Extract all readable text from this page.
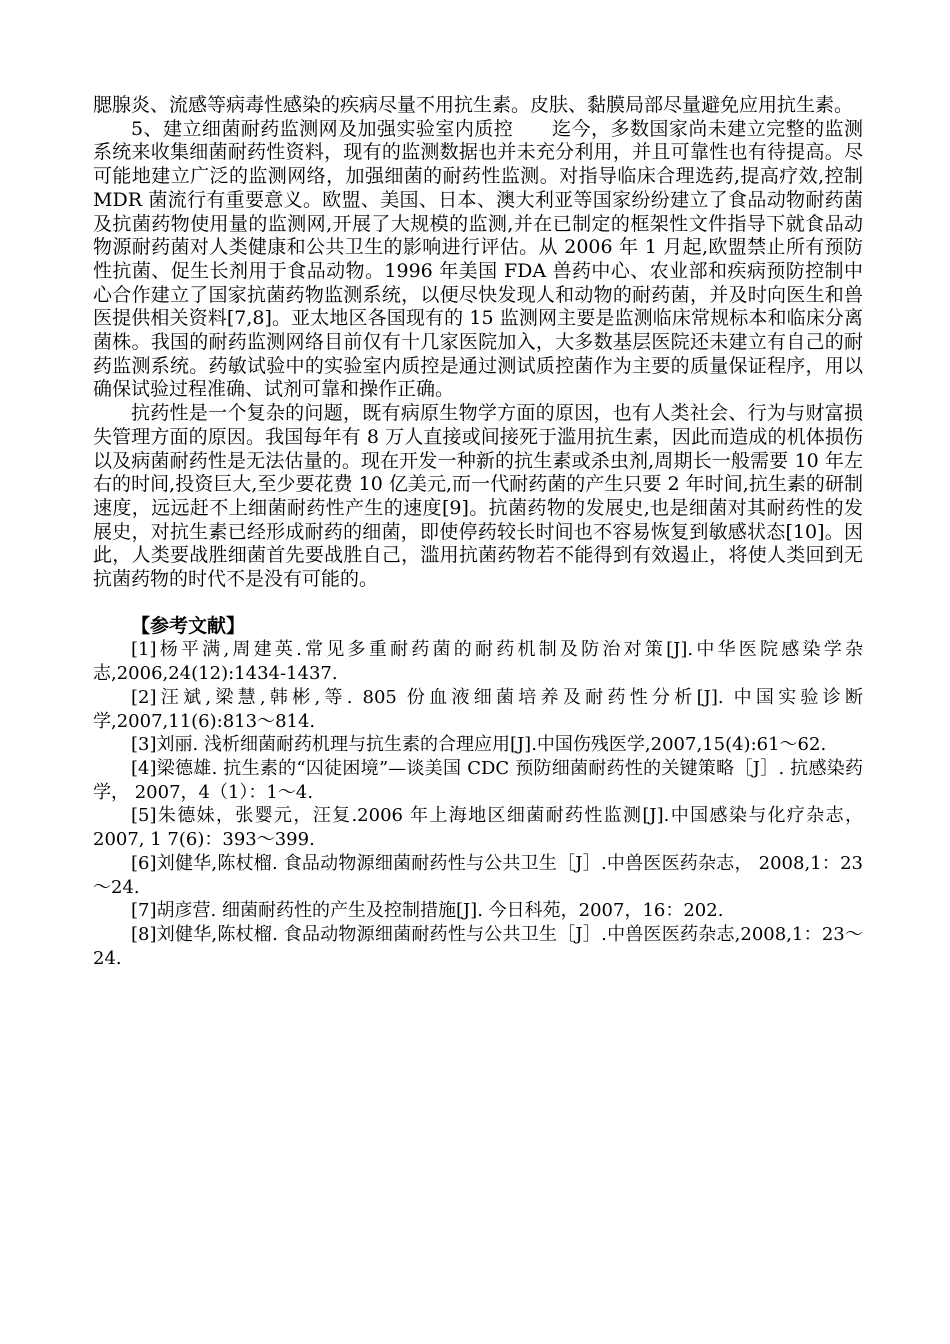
腮腺炎、流感等病毒性感染的疾病尽量不用抗生素。皮肤、黏膜局部尽量避免应用抗生素。

5、建立细菌耐药监测网及加强实验室内质控　　 迄今，多数国家尚未建立完整的监测系统来收集细菌耐药性资料，现有的监测数据也并未充分利用，并且可靠性也有待提高。尽可能地建立广泛的监测网络，加强细菌的耐药性监测。对指导临床合理选药,提高疗效,控制 MDR 菌流行有重要意义。欧盟、美国、日本、澳大利亚等国家纷纷建立了食品动物耐药菌及抗菌药物使用量的监测网,开展了大规模的监测,并在已制定的框架性文件指导下就食品动物源耐药菌对人类健康和公共卫生的影响进行评估。从 2006 年 1 月起,欧盟禁止所有预防性抗菌、促生长剂用于食品动物。1996 年美国 FDA 兽药中心、农业部和疾病预防控制中心合作建立了国家抗菌药物监测系统，以便尽快发现人和动物的耐药菌，并及时向医生和兽医提供相关资料[7,8]。亚太地区各国现有的 15 监测网主要是监测临床常规标本和临床分离菌株。我国的耐药监测网络目前仅有十几家医院加入，大多数基层医院还未建立有自己的耐药监测系统。药敏试验中的实验室内质控是通过测试质控菌作为主要的质量保证程序，用以确保试验过程准确、试剂可靠和操作正确。

抗药性是一个复杂的问题，既有病原生物学方面的原因，也有人类社会、行为与财富损失管理方面的原因。我国每年有 8 万人直接或间接死于滥用抗生素，因此而造成的机体损伤以及病菌耐药性是无法估量的。现在开发一种新的抗生素或杀虫剂,周期长一般需要 10 年左右的时间,投资巨大,至少要花费 10 亿美元,而一代耐药菌的产生只要 2 年时间,抗生素的研制速度，远远赶不上细菌耐药性产生的速度[9]。抗菌药物的发展史,也是细菌对其耐药性的发展史，对抗生素已经形成耐药的细菌，即使停药较长时间也不容易恢复到敏感状态[10]。因此，人类要战胜细菌首先要战胜自己，滥用抗菌药物若不能得到有效遏止，将使人类回到无抗菌药物的时代不是没有可能的。

【参考文献】

[1]杨平满,周建英.常见多重耐药菌的耐药机制及防治对策[J].中华医院感染学杂志,2006,24(12):1434-1437.

[2]汪斌,梁慧,韩彬,等. 805 份血液细菌培养及耐药性分析[J]. 中国实验诊断学,2007,11(6):813～814.

[3]刘丽. 浅析细菌耐药机理与抗生素的合理应用[J].中国伤残医学,2007,15(4):61～62.

[4]梁德雄. 抗生素的“囚徒困境”—谈美国 CDC 预防细菌耐药性的关键策略［J］. 抗感染药学， 2007，4（1）：1～4.

[5]朱德妹，张婴元，汪复.2006 年上海地区细菌耐药性监测[J].中国感染与化疗杂志，2007, 1 7(6)：393～399.

[6]刘健华,陈杖榴. 食品动物源细菌耐药性与公共卫生［J］.中兽医医药杂志， 2008,1：23～24.

[7]胡彦营. 细菌耐药性的产生及控制措施[J]. 今日科苑，2007，16：202.

[8]刘健华,陈杖榴. 食品动物源细菌耐药性与公共卫生［J］.中兽医医药杂志,2008,1：23～24.
